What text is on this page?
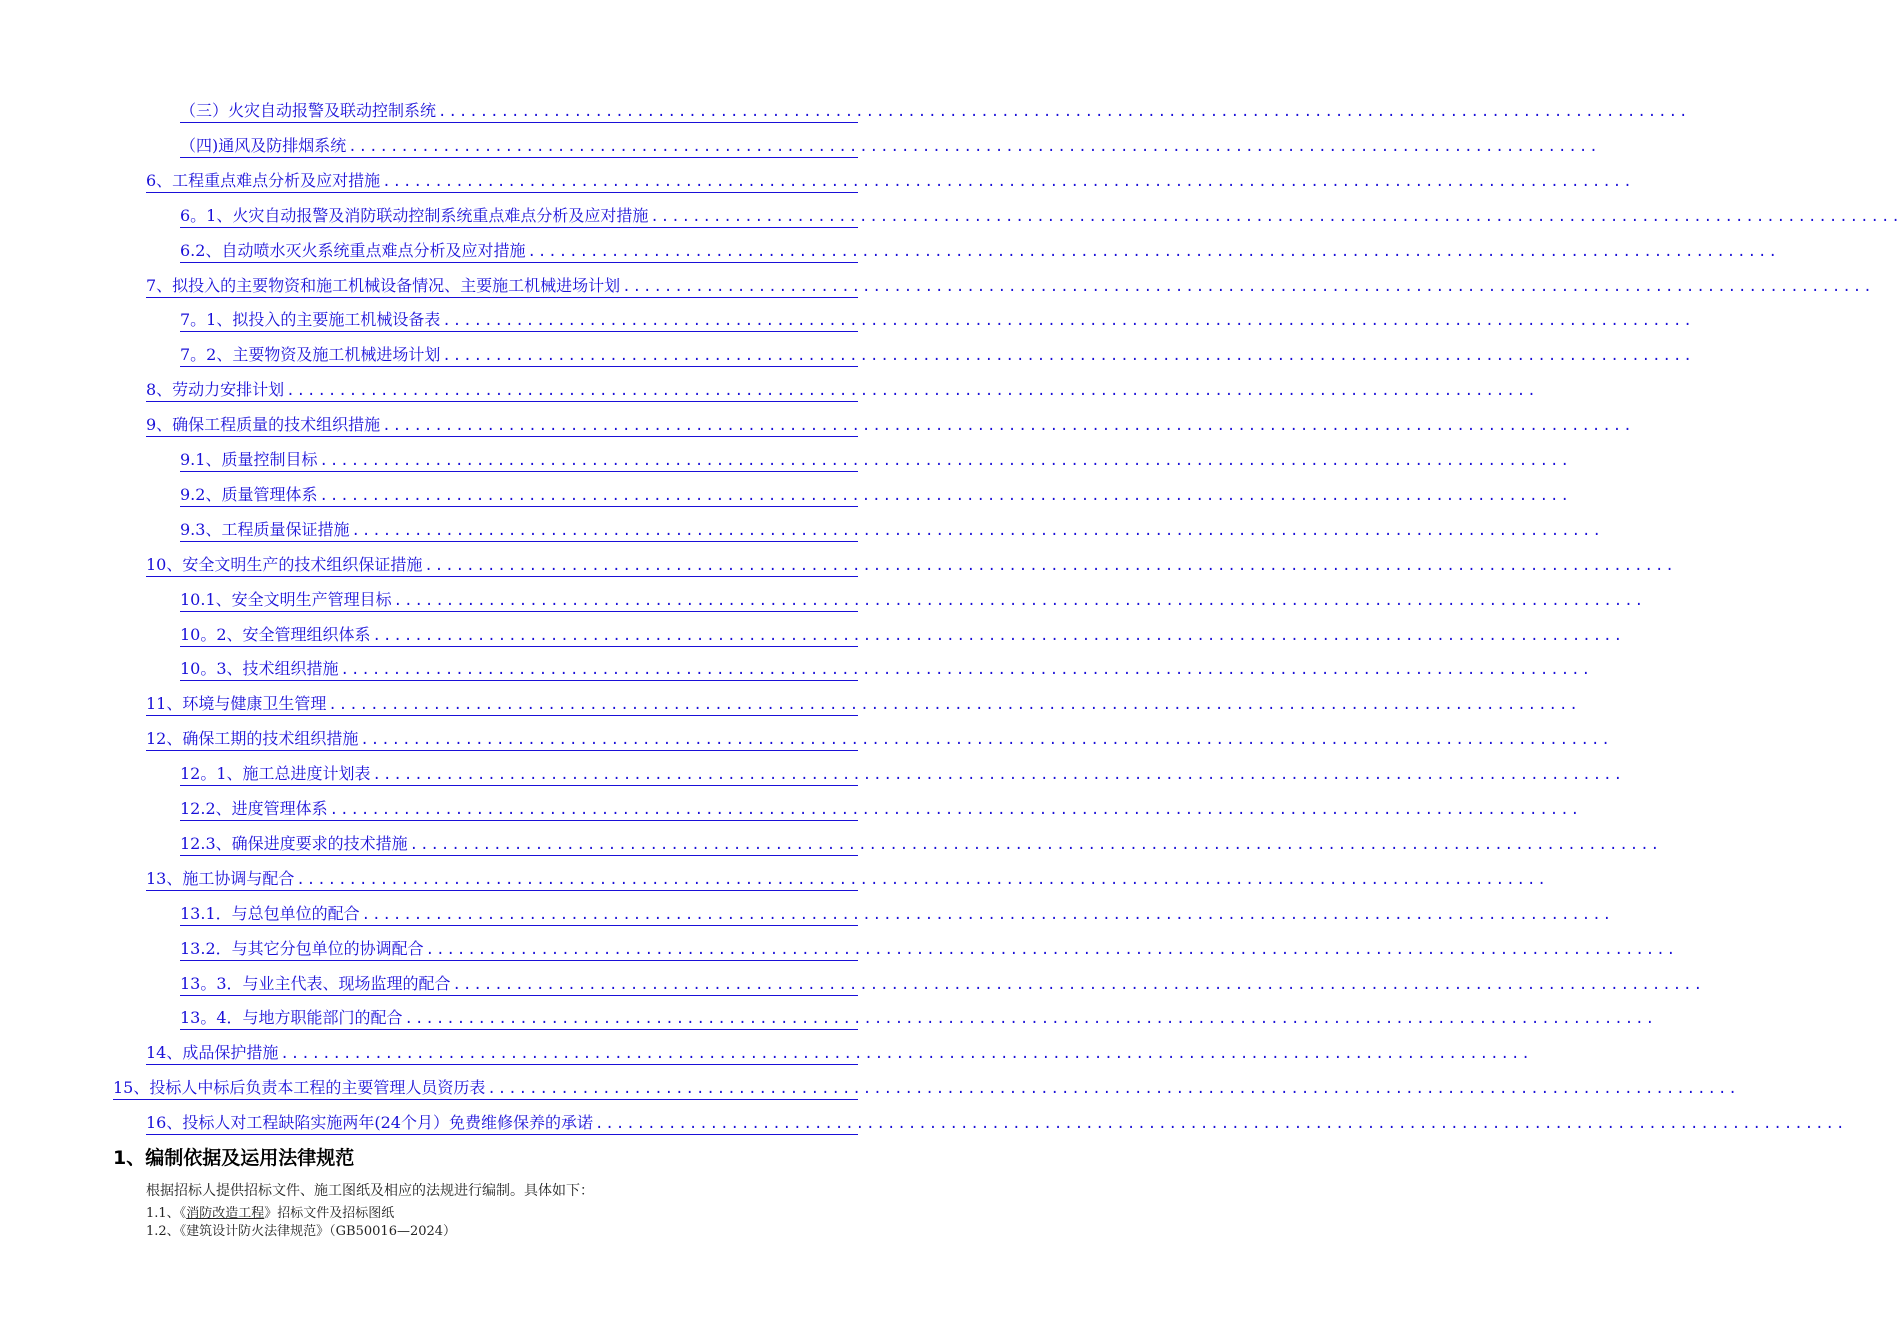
（三）火灾自动报警及联动控制系统 ........................................................................................................................
（四)通风及防排烟系统 ........................................................................................................................
6、工程重点难点分析及应对措施 ........................................................................................................................
6。1、火灾自动报警及消防联动控制系统重点难点分析及应对措施 ........................................................................................................................
6.2、自动喷水灭火系统重点难点分析及应对措施 ........................................................................................................................
7、拟投入的主要物资和施工机械设备情况、主要施工机械进场计划 ........................................................................................................................
7。1、拟投入的主要施工机械设备表 ........................................................................................................................
7。2、主要物资及施工机械进场计划 ........................................................................................................................
8、劳动力安排计划 ........................................................................................................................
9、确保工程质量的技术组织措施 ........................................................................................................................
9.1、质量控制目标 ........................................................................................................................
9.2、质量管理体系 ........................................................................................................................
9.3、工程质量保证措施 ........................................................................................................................
10、安全文明生产的技术组织保证措施 ........................................................................................................................
10.1、安全文明生产管理目标 ........................................................................................................................
10。2、安全管理组织体系 ........................................................................................................................
10。3、技术组织措施 ........................................................................................................................
11、环境与健康卫生管理 ........................................................................................................................
12、确保工期的技术组织措施 ........................................................................................................................
12。1、施工总进度计划表 ........................................................................................................................
12.2、进度管理体系 ........................................................................................................................
12.3、确保进度要求的技术措施 ........................................................................................................................
13、施工协调与配合 ........................................................................................................................
13.1．与总包单位的配合 ........................................................................................................................
13.2．与其它分包单位的协调配合 ........................................................................................................................
13。3．与业主代表、现场监理的配合 ........................................................................................................................
13。4．与地方职能部门的配合 ........................................................................................................................
14、成品保护措施 ........................................................................................................................
15、投标人中标后负责本工程的主要管理人员资历表 ........................................................................................................................
16、投标人对工程缺陷实施两年(24个月）免费维修保养的承诺 ........................................................................................................................
1、编制依据及运用法律规范
根据招标人提供招标文件、施工图纸及相应的法规进行编制。具体如下：
1.1、《消防改造工程》招标文件及招标图纸
1.2、《建筑设计防火法律规范》（GB50016—2024）
